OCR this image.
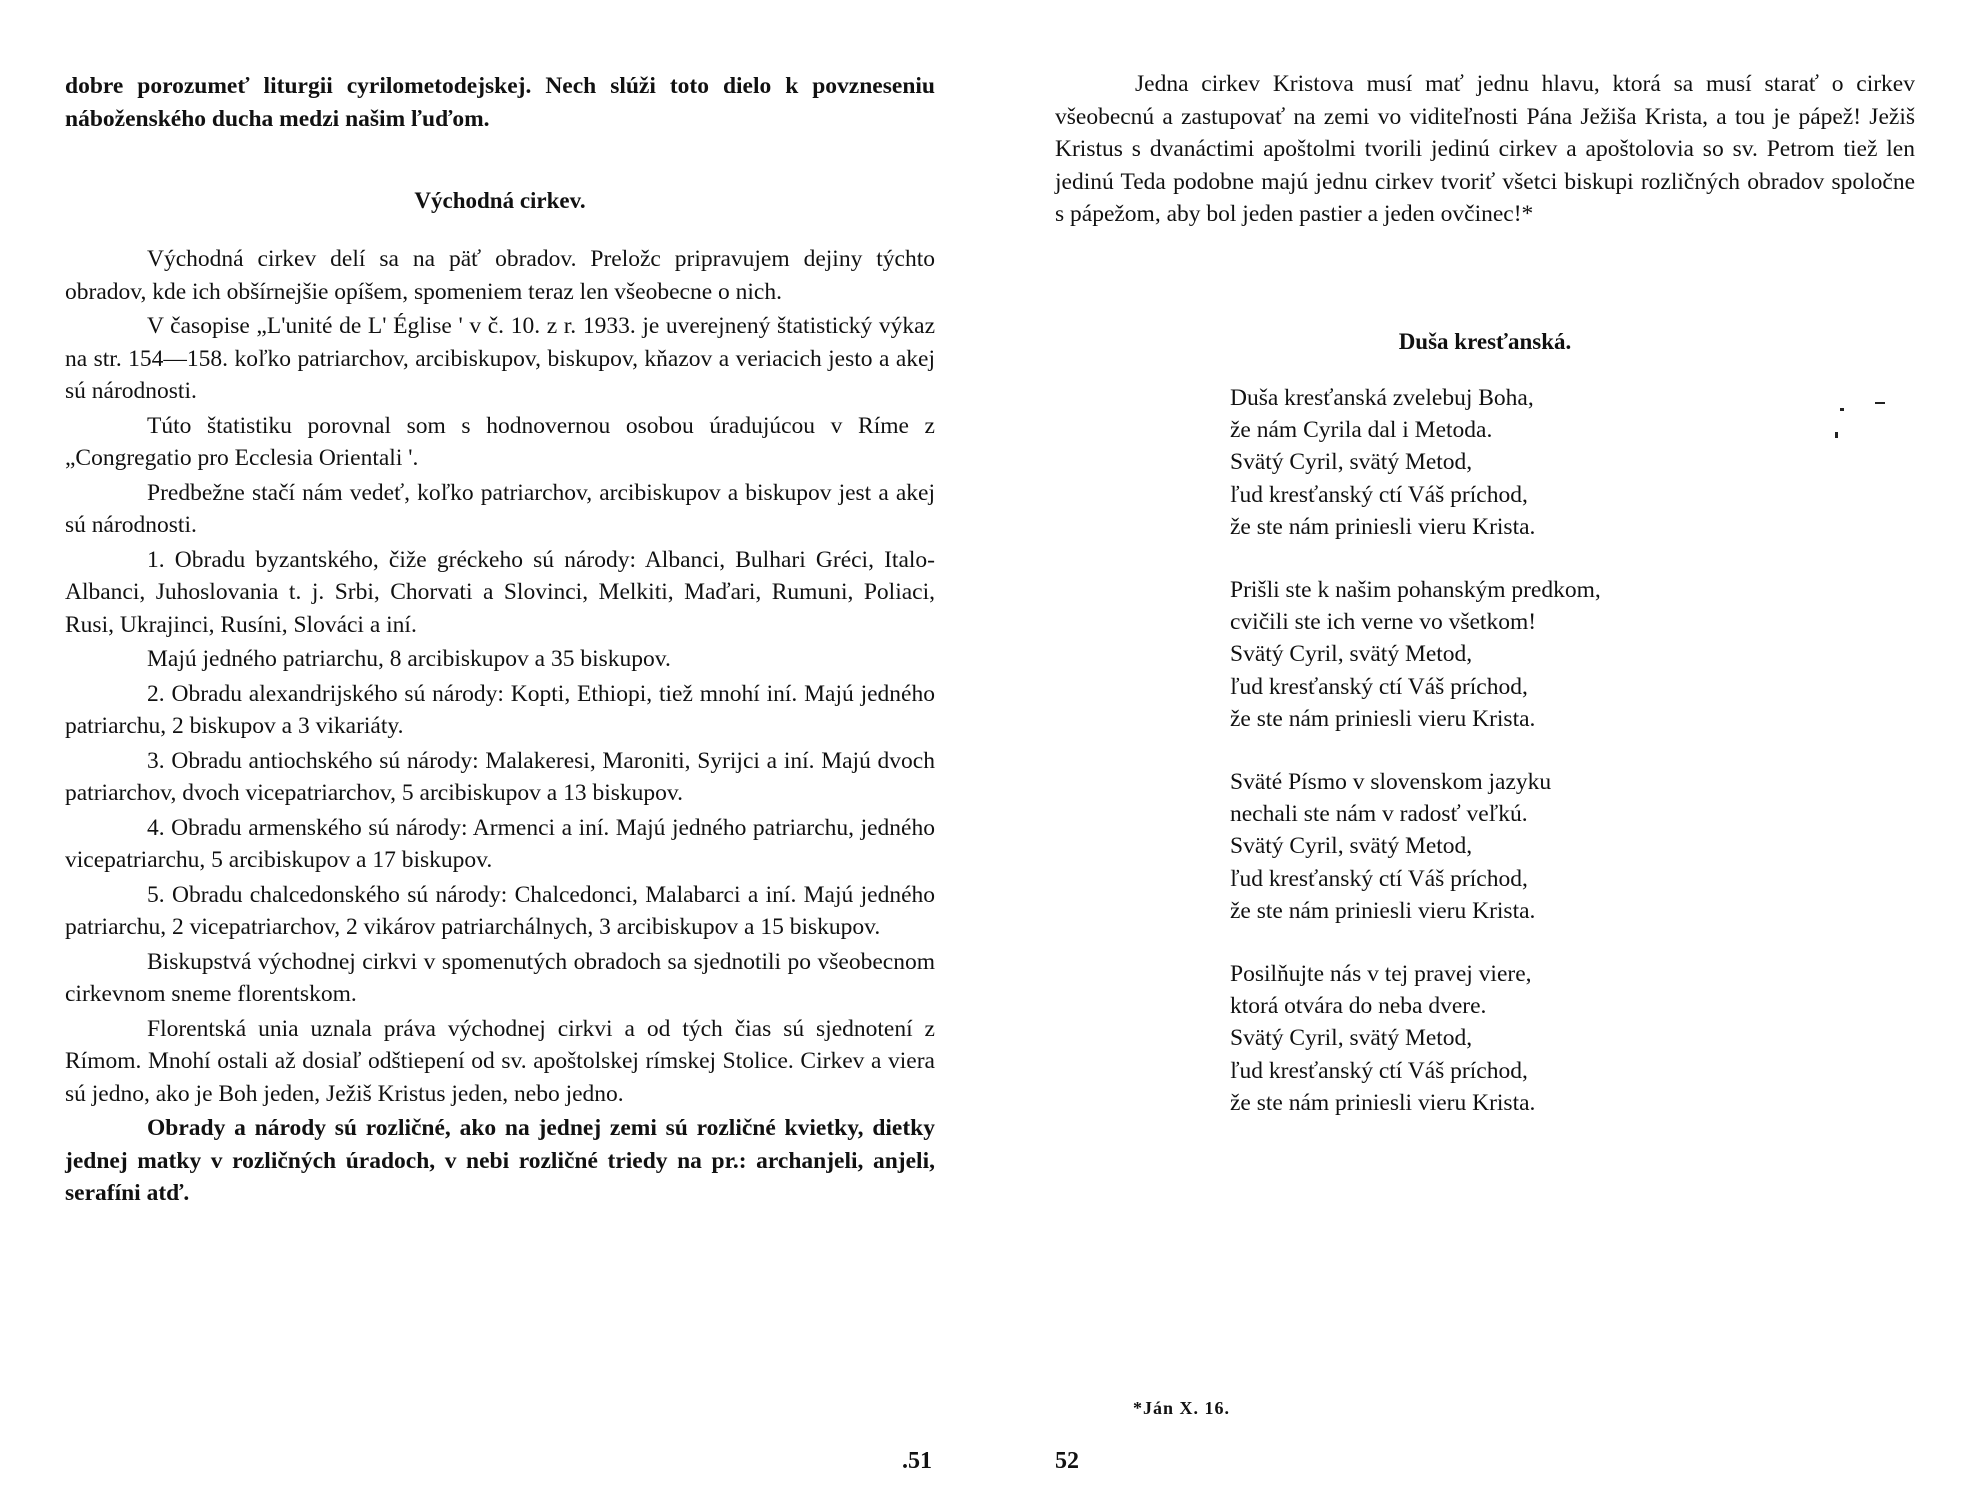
dobre porozumeť liturgii cyrilometodejskej. Nech slúži toto dielo k povzneseniu náboženského ducha medzi našim ľuďom.

Východná cirkev.

Východná cirkev delí sa na päť obradov. Preložc pripravujem dejiny týchto obradov, kde ich obšírnejšie opíšem, spomeniem teraz len všeobecne o nich.

V časopise „L'unité de L' Église ' v č. 10. z r. 1933. je uverejnený štatistický výkaz na str. 154—158. koľko patriarchov, arcibiskupov, biskupov, kňazov a veriacich jesto a akej sú národnosti.

Túto štatistiku porovnal som s hodnovernou osobou úradujúcou v Ríme z „Congregatio pro Ecclesia Orientali '.

Predbežne stačí nám vedeť, koľko patriarchov, arcibiskupov a biskupov jest a akej sú národnosti.

1. Obradu byzantského, čiže gréckeho sú národy: Albanci, Bulhari Gréci, Italo-Albanci, Juhoslovania t. j. Srbi, Chorvati a Slovinci, Melkiti, Maďari, Rumuni, Poliaci, Rusi, Ukrajinci, Rusíni, Slováci a iní.

Majú jedného patriarchu, 8 arcibiskupov a 35 biskupov.

2. Obradu alexandrijského sú národy: Kopti, Ethiopi, tiež mnohí iní. Majú jedného patriarchu, 2 biskupov a 3 vikariáty.

3. Obradu antiochského sú národy: Malakeresi, Maroniti, Syrijci a iní. Majú dvoch patriarchov, dvoch vicepatriarchov, 5 arcibiskupov a 13 biskupov.

4. Obradu armenského sú národy: Armenci a iní. Majú jedného patriarchu, jedného vicepatriarchu, 5 arcibiskupov a 17 biskupov.

5. Obradu chalcedonského sú národy: Chalcedonci, Malabarci a iní. Majú jedného patriarchu, 2 vicepatriarchov, 2 vikárov patriarchálnych, 3 arcibiskupov a 15 biskupov.

Biskupstvá východnej cirkvi v spomenutých obradoch sa sjednotili po všeobecnom cirkevnom sneme florentskom.

Florentská unia uznala práva východnej cirkvi a od tých čias sú sjednotení z Rímom. Mnohí ostali až dosiaľ odštiepení od sv. apoštolskej rímskej Stolice. Cirkev a viera sú jedno, ako je Boh jeden, Ježiš Kristus jeden, nebo jedno.

Obrady a národy sú rozličné, ako na jednej zemi sú rozličné kvietky, dietky jednej matky v rozličných úradoch, v nebi rozličné triedy na pr.: archanjeli, anjeli, serafíni atď.

.51

Jedna cirkev Kristova musí mať jednu hlavu, ktorá sa musí starať o cirkev všeobecnú a zastupovať na zemi vo viditeľnosti Pána Ježiša Krista, a tou je pápež! Ježiš Kristus s dvanáctimi apoštolmi tvorili jedinú cirkev a apoštolovia so sv. Petrom tiež len jedinú Teda podobne majú jednu cirkev tvoriť všetci biskupi rozličných obradov spoločne s pápežom, aby bol jeden pastier a jeden ovčinec!*

Duša kresťanská.
Duša kresťanská zvelebuj Boha,
že nám Cyrila dal i Metoda.
Svätý Cyril, svätý Metod,
ľud kresťanský ctí Váš príchod,
že ste nám priniesli vieru Krista.
Prišli ste k našim pohanským predkom,
cvičili ste ich verne vo všetkom!
Svätý Cyril, svätý Metod,
ľud kresťanský ctí Váš príchod,
že ste nám priniesli vieru Krista.
Sväté Písmo v slovenskom jazyku
nechali ste nám v radosť veľkú.
Svätý Cyril, svätý Metod,
ľud kresťanský ctí Váš príchod,
že ste nám priniesli vieru Krista.
Posilňujte nás v tej pravej viere,
ktorá otvára do neba dvere.
Svätý Cyril, svätý Metod,
ľud kresťanský ctí Váš príchod,
že ste nám priniesli vieru Krista.

*Ján X. 16.

52
